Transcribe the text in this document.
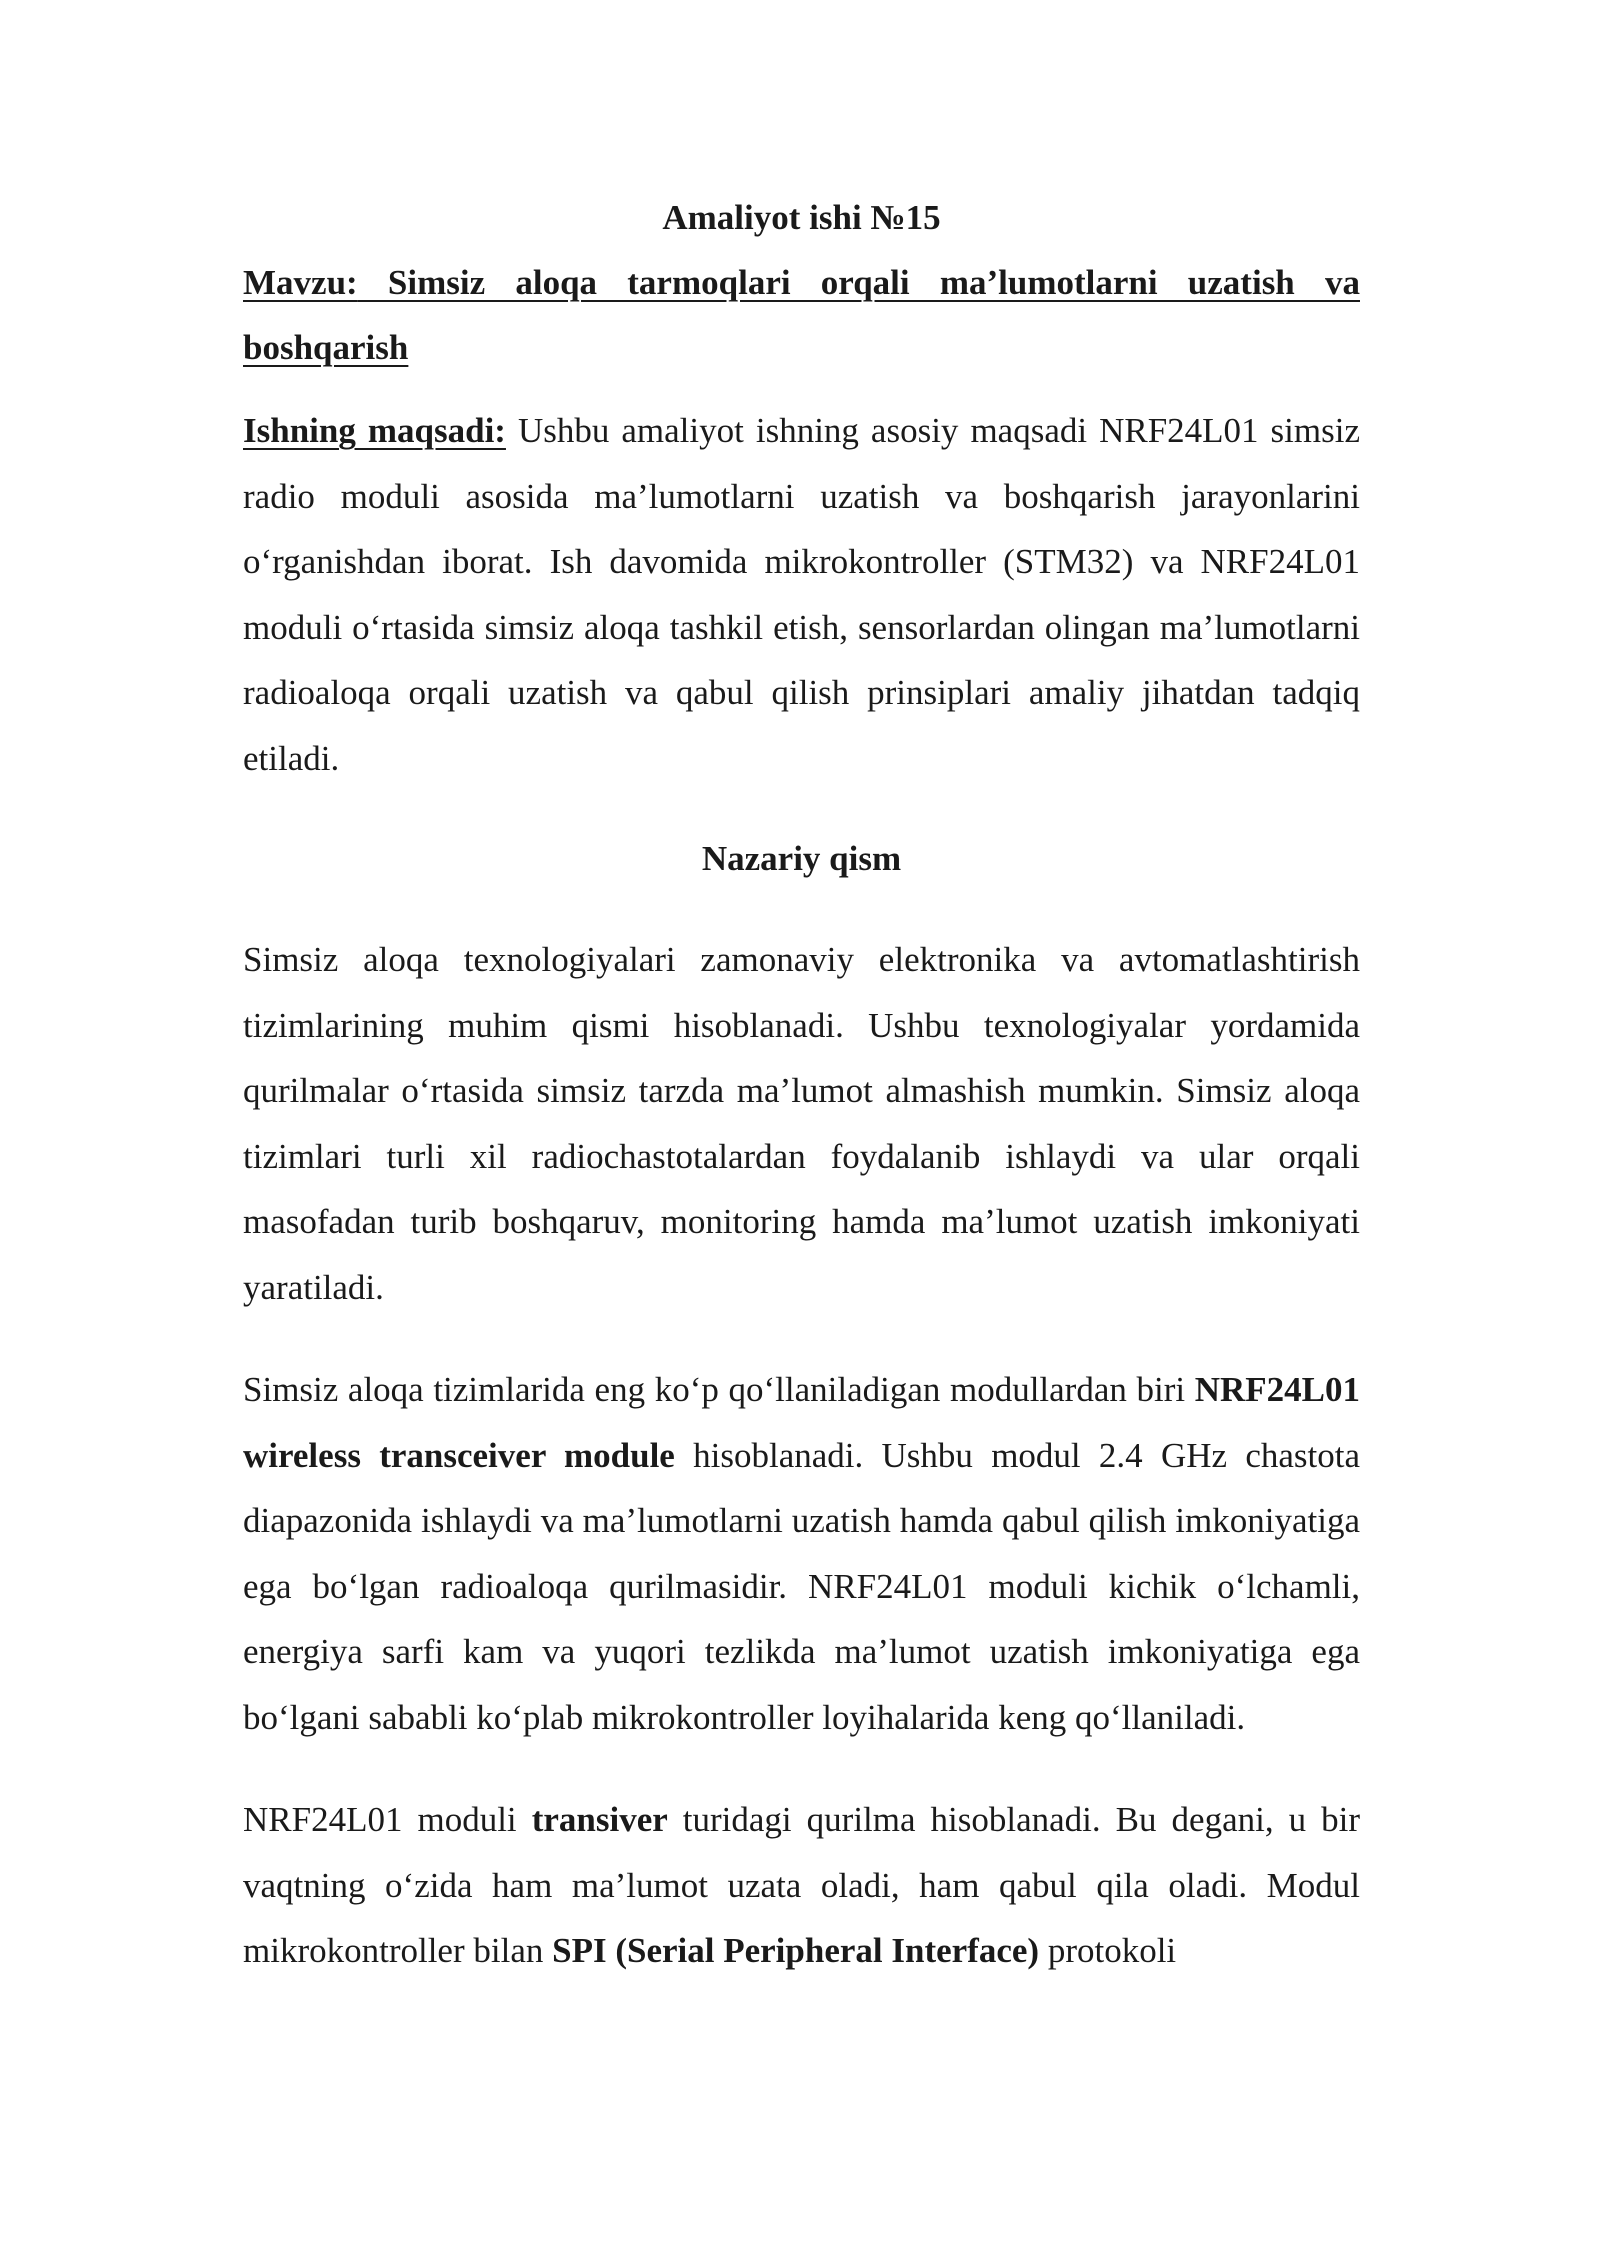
Amaliyot ishi №15

Mavzu: Simsiz aloqa tarmoqlari orqali ma’lumotlarni uzatish va boshqarish

Ishning maqsadi: Ushbu amaliyot ishning asosiy maqsadi NRF24L01 simsiz radio moduli asosida ma’lumotlarni uzatish va boshqarish jarayonlarini o‘rganishdan iborat. Ish davomida mikrokontroller (STM32) va NRF24L01 moduli o‘rtasida simsiz aloqa tashkil etish, sensorlardan olingan ma’lumotlarni radioaloqa orqali uzatish va qabul qilish prinsiplari amaliy jihatdan tadqiq etiladi.

Nazariy qism

Simsiz aloqa texnologiyalari zamonaviy elektronika va avtomatlashtirish tizimlarining muhim qismi hisoblanadi. Ushbu texnologiyalar yordamida qurilmalar o‘rtasida simsiz tarzda ma’lumot almashish mumkin. Simsiz aloqa tizimlari turli xil radiochastotalardan foydalanib ishlaydi va ular orqali masofadan turib boshqaruv, monitoring hamda ma’lumot uzatish imkoniyati yaratiladi.

Simsiz aloqa tizimlarida eng ko‘p qo‘llaniladigan modullardan biri NRF24L01 wireless transceiver module hisoblanadi. Ushbu modul 2.4 GHz chastota diapazonida ishlaydi va ma’lumotlarni uzatish hamda qabul qilish imkoniyatiga ega bo‘lgan radioaloqa qurilmasidir. NRF24L01 moduli kichik o‘lchamli, energiya sarfi kam va yuqori tezlikda ma’lumot uzatish imkoniyatiga ega bo‘lgani sababli ko‘plab mikrokontroller loyihalarida keng qo‘llaniladi.

NRF24L01 moduli transiver turidagi qurilma hisoblanadi. Bu degani, u bir vaqtning o‘zida ham ma’lumot uzata oladi, ham qabul qila oladi. Modul mikrokontroller bilan SPI (Serial Peripheral Interface) protokoli
